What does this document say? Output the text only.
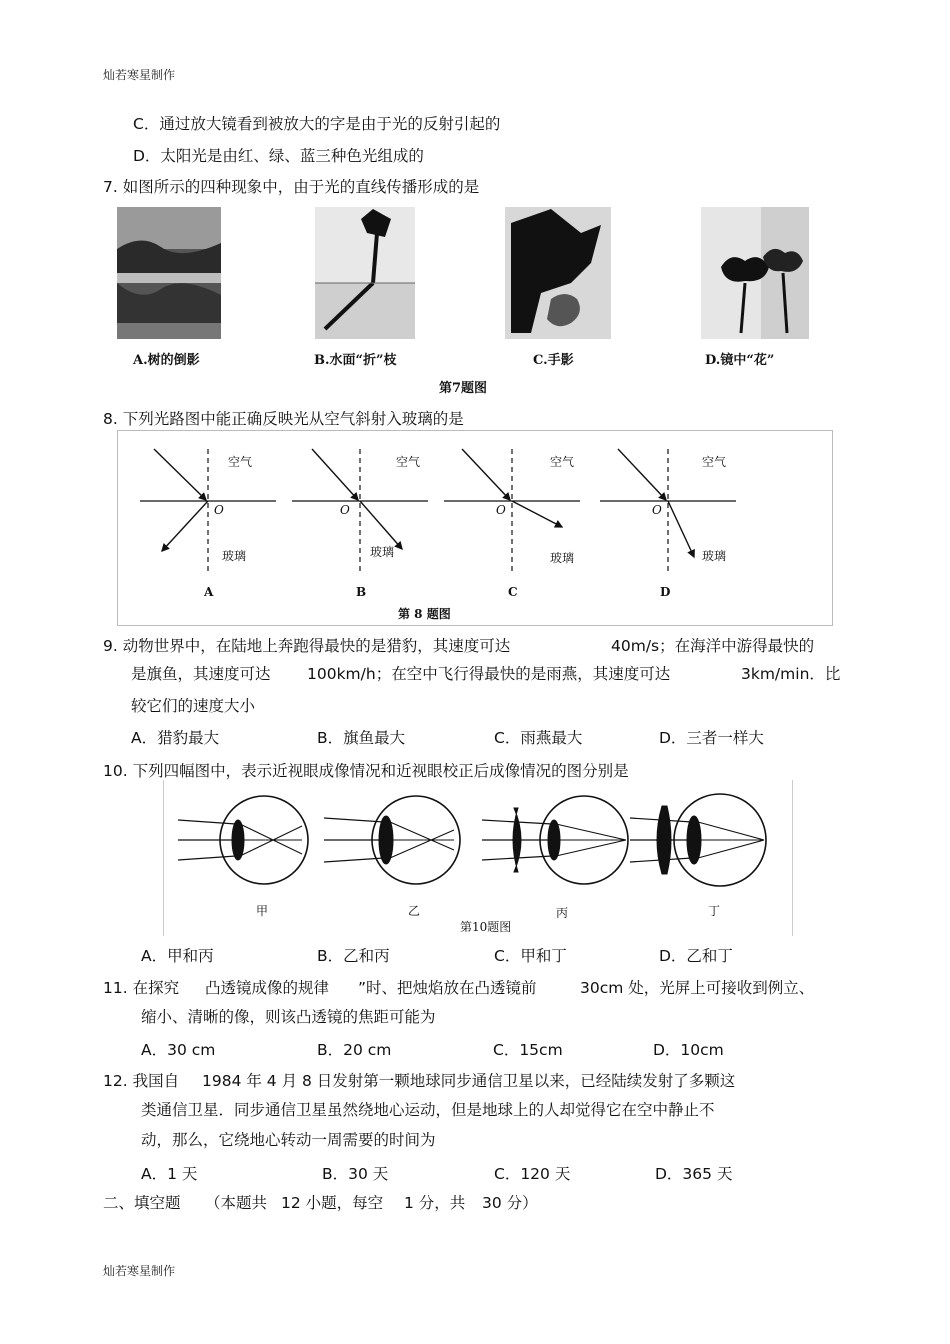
灿若寒星制作
C．通过放大镜看到被放大的字是由于光的反射引起的
D．太阳光是由红、绿、蓝三种色光组成的
7. 如图所示的四种现象中，由于光的直线传播形成的是
A.树的倒影	B.水面“折”枝	C.手影	D.镜中“花”
第7题图
8. 下列光路图中能正确反映光从空气斜射入玻璃的是
空气
O
玻璃
A
空气
O
玻璃
B
空气
O
玻璃
C
空气
O
玻璃
D
第 8 题图
9. 动物世界中，在陆地上奔跑得最快的是猎豹，其速度可达	40m/s；在海洋中游得最快的
是旗鱼，其速度可达 100km/h；在空中飞行得最快的是雨燕，其速度可达	3km/min．比
较它们的速度大小
A．猎豹最大	B．旗鱼最大	C．雨燕最大	D．三者一样大
10. 下列四幅图中，表示近视眼成像情况和近视眼校正后成像情况的图分别是
甲	乙	丙	丁
第10题图
A．甲和丙	B．乙和丙	C．甲和丁	D．乙和丁
11. 在探究 凸透镜成像的规律 ”时、把烛焰放在凸透镜前	30cm 处，光屏上可接收到例立、
缩小、清晰的像，则该凸透镜的焦距可能为
A．30 cm	B．20 cm	C．15cm	D．10cm
12. 我国自 1984 年 4 月 8 日发射第一颗地球同步通信卫星以来，已经陆续发射了多颗这
类通信卫星．同步通信卫星虽然绕地心运动，但是地球上的人却觉得它在空中静止不
动，那么，它绕地心转动一周需要的时间为
A．1 天	B．30 天	C．120 天	D．365 天
二、填空题 （本题共 12 小题，每空 1 分，共 30 分）
灿若寒星制作
